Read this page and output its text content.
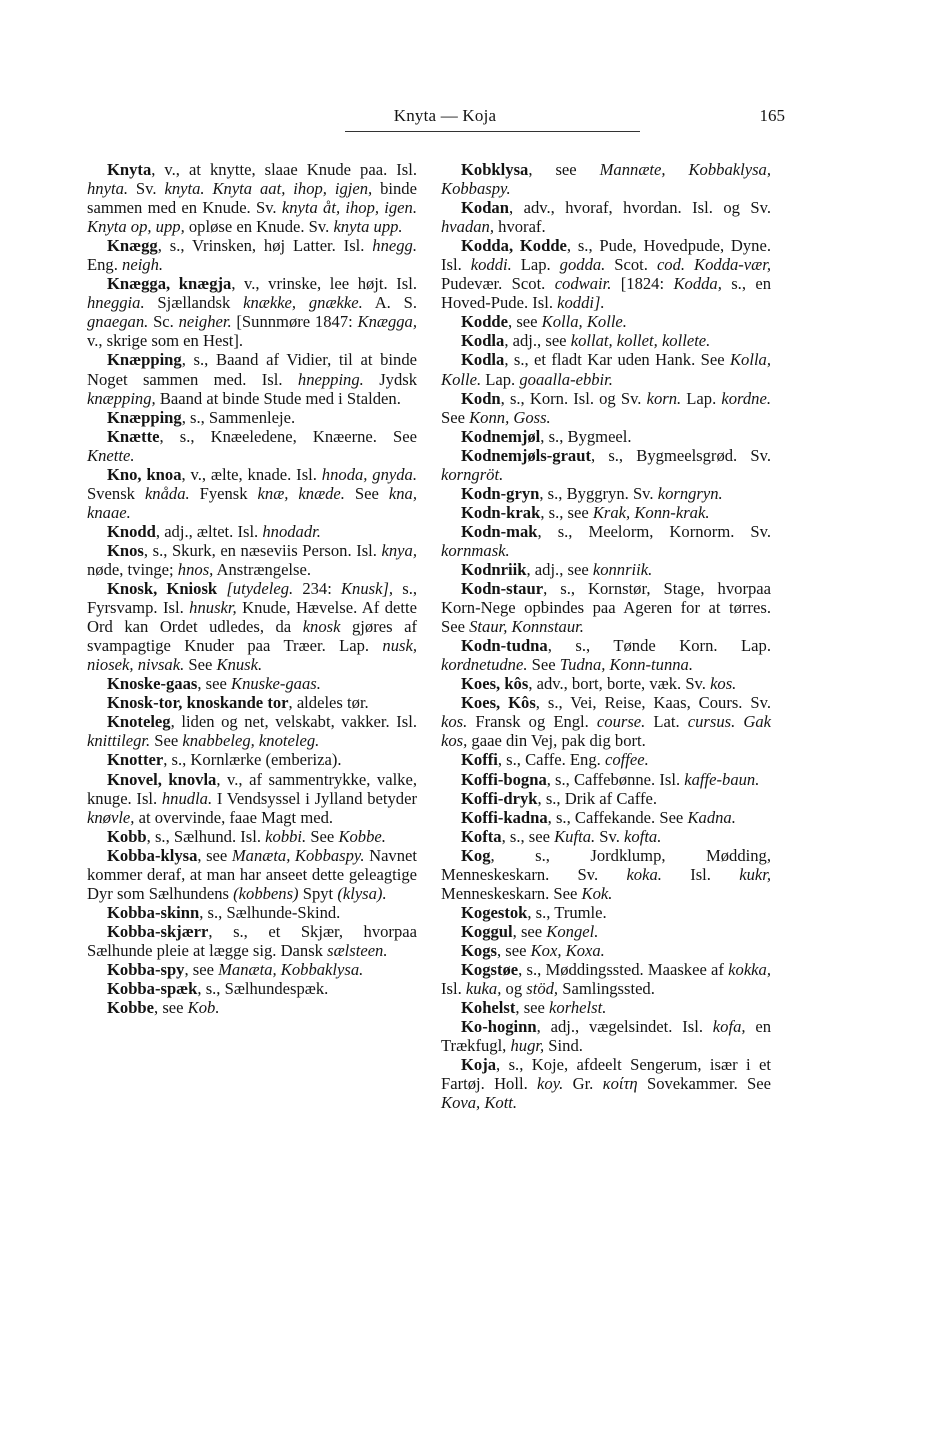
Knyta — Koja	165

Knyta, v., at knytte, slaae Knude paa. Isl. hnyta. Sv. knyta. Knyta aat, ihop, igjen, binde sammen med en Knude. Sv. knyta åt, ihop, igen. Knyta op, upp, opløse en Knude. Sv. knyta upp.

Knægg, s., Vrinsken, høj Latter. Isl. hnegg. Eng. neigh.

Knægga, knægja, v., vrinske, lee højt. Isl. hneggia. Sjællandsk knække, gnække. A. S. gnaegan. Sc. neigher. [Sunnmøre 1847: Knægga, v., skrige som en Hest].

Knæpping, s., Baand af Vidier, til at binde Noget sammen med. Isl. hnepping. Jydsk knæpping, Baand at binde Stude med i Stalden.

Knæpping, s., Sammenleje.

Knætte, s., Knæeledene, Knæerne. See Knette.

Kno, knoa, v., ælte, knade. Isl. hnoda, gnyda. Svensk knåda. Fyensk knæ, knæde. See kna, knaae.

Knodd, adj., æltet. Isl. hnodadr.

Knos, s., Skurk, en næseviis Person. Isl. knya, nøde, tvinge; hnos, Anstrængelse.

Knosk, Kniosk [utydeleg. 234: Knusk], s., Fyrsvamp. Isl. hnuskr, Knude, Hævelse. Af dette Ord kan Ordet udledes, da knosk gjøres af svampagtige Knuder paa Træer. Lap. nusk, niosek, nivsak. See Knusk.

Knoske-gaas, see Knuske-gaas.

Knosk-tor, knoskande tor, aldeles tør.

Knoteleg, liden og net, velskabt, vakker. Isl. knittilegr. See knabbeleg, knoteleg.

Knotter, s., Kornlærke (emberiza).

Knovel, knovla, v., af sammentrykke, valke, knuge. Isl. hnudla. I Vendsyssel i Jylland betyder knøvle, at overvinde, faae Magt med.

Kobb, s., Sælhund. Isl. kobbi. See Kobbe.

Kobba-klysa, see Manæta, Kobbaspy. Navnet kommer deraf, at man har anseet dette geleagtige Dyr som Sælhundens (kobbens) Spyt (klysa).

Kobba-skinn, s., Sælhunde-Skind.

Kobba-skjærr, s., et Skjær, hvorpaa Sælhunde pleie at lægge sig. Dansk sælsteen.

Kobba-spy, see Manæta, Kobbaklysa.

Kobba-spæk, s., Sælhundespæk.

Kobbe, see Kob.

Kobklysa, see Mannæte, Kobbaklysa, Kobbaspy.

Kodan, adv., hvoraf, hvordan. Isl. og Sv. hvadan, hvoraf.

Kodda, Kodde, s., Pude, Hovedpude, Dyne. Isl. koddi. Lap. godda. Scot. cod. Kodda-vær, Pudevær. Scot. codwair. [1824: Kodda, s., en Hoved-Pude. Isl. koddi].

Kodde, see Kolla, Kolle.

Kodla, adj., see kollat, kollet, kollete.

Kodla, s., et fladt Kar uden Hank. See Kolla, Kolle. Lap. goaalla-ebbir.

Kodn, s., Korn. Isl. og Sv. korn. Lap. kordne. See Konn, Goss.

Kodnemjøl, s., Bygmeel.

Kodnemjøls-graut, s., Bygmeelsgrød. Sv. korngröt.

Kodn-gryn, s., Byggryn. Sv. korngryn.

Kodn-krak, s., see Krak, Konn-krak.

Kodn-mak, s., Meelorm, Kornorm. Sv. kornmask.

Kodnriik, adj., see konnriik.

Kodn-staur, s., Kornstør, Stage, hvorpaa Korn-Nege opbindes paa Ageren for at tørres. See Staur, Konnstaur.

Kodn-tudna, s., Tønde Korn. Lap. kordnetudne. See Tudna, Konn-tunna.

Koes, kôs, adv., bort, borte, væk. Sv. kos.

Koes, Kôs, s., Vei, Reise, Kaas, Cours. Sv. kos. Fransk og Engl. course. Lat. cursus. Gak kos, gaae din Vej, pak dig bort.

Koffi, s., Caffe. Eng. coffee.

Koffi-bogna, s., Caffebønne. Isl. kaffe-baun.

Koffi-dryk, s., Drik af Caffe.

Koffi-kadna, s., Caffekande. See Kadna.

Kofta, s., see Kufta. Sv. kofta.

Kog, s., Jordklump, Mødding, Menneskeskarn. Sv. koka. Isl. kukr, Menneskeskarn. See Kok.

Kogestok, s., Trumle.

Koggul, see Kongel.

Kogs, see Kox, Koxa.

Kogstøe, s., Møddingssted. Maaskee af kokka, Isl. kuka, og stöd, Samlingssted.

Kohelst, see korhelst.

Ko-hoginn, adj., vægelsindet. Isl. kofa, en Trækfugl, hugr, Sind.

Koja, s., Koje, afdeelt Sengerum, især i et Fartøj. Holl. koy. Gr. κοίτη Sovekammer. See Kova, Kott.
